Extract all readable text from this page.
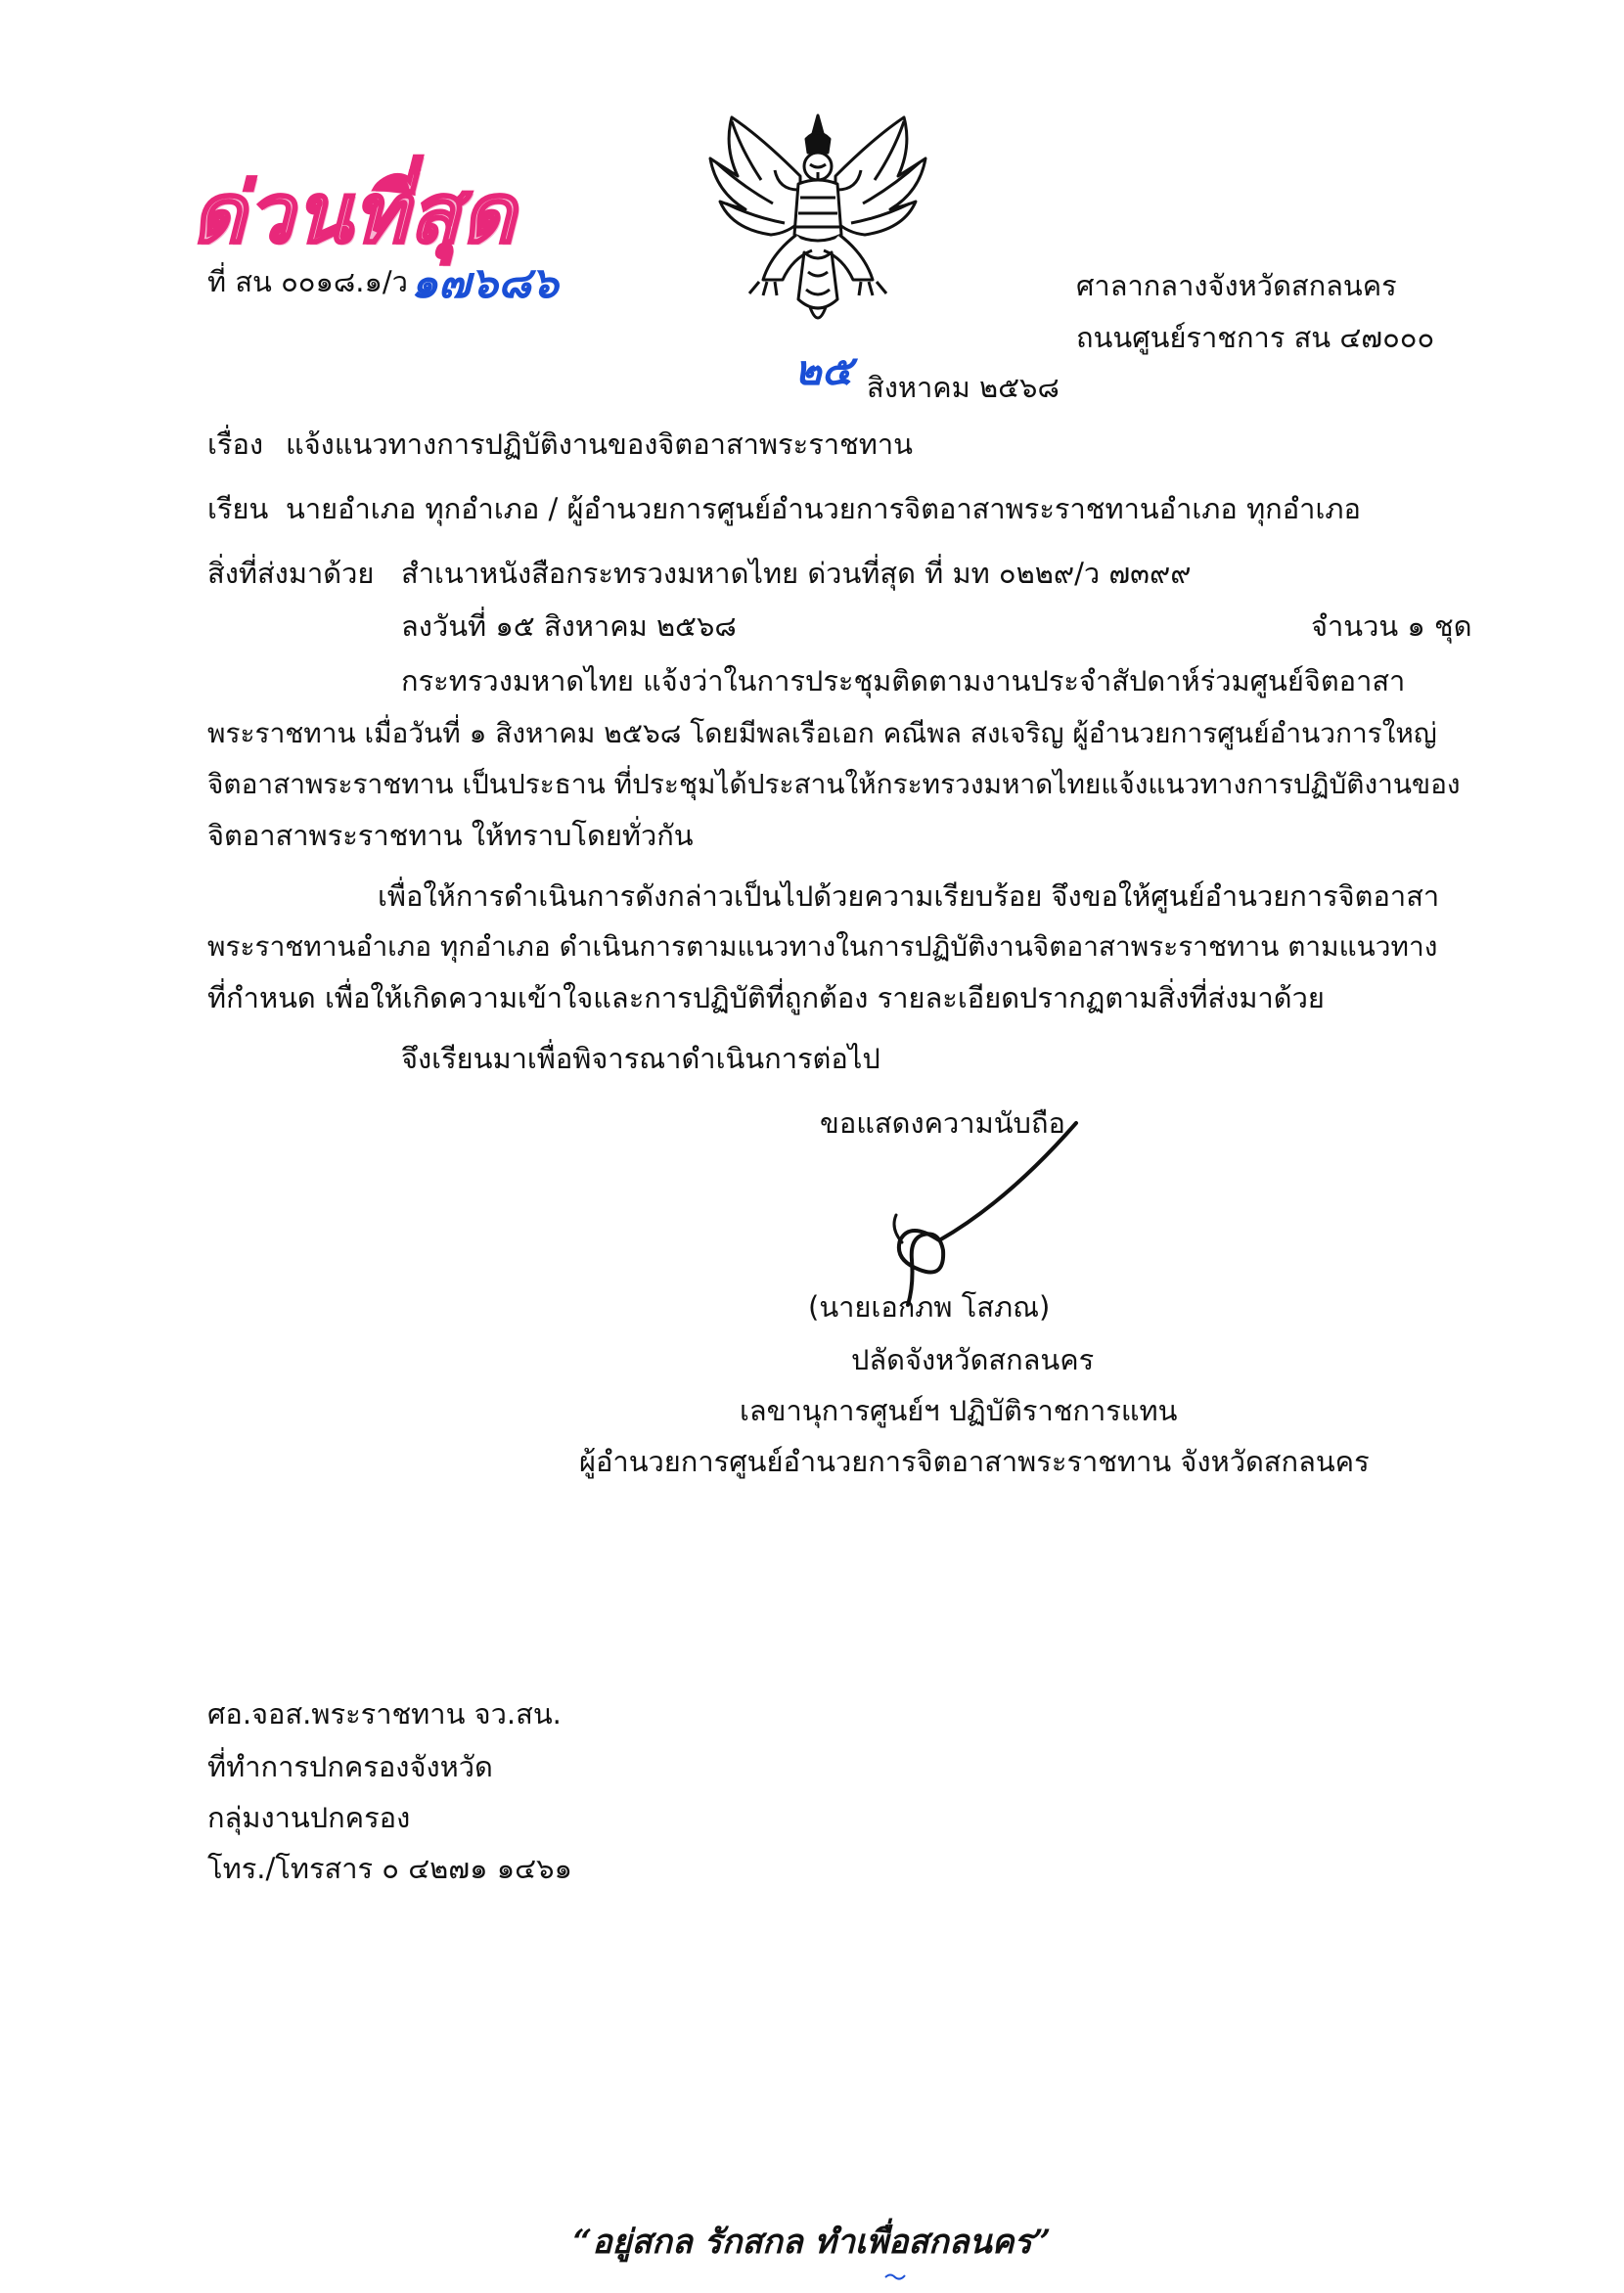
ด่วนที่สุด
ที่ สน ๐๐๑๘.๑/ว ๑๗๖๘๖	ศาลากลางจังหวัดสกลนคร
ถนนศูนย์ราชการ สน ๔๗๐๐๐
๒๕ สิงหาคม ๒๕๖๘
เรื่อง แจ้งแนวทางการปฏิบัติงานของจิตอาสาพระราชทาน
เรียน นายอำเภอ ทุกอำเภอ / ผู้อำนวยการศูนย์อำนวยการจิตอาสาพระราชทานอำเภอ ทุกอำเภอ
สิ่งที่ส่งมาด้วย สำเนาหนังสือกระทรวงมหาดไทย ด่วนที่สุด ที่ มท ๐๒๒๙/ว ๗๓๙๙
ลงวันที่ ๑๕ สิงหาคม ๒๕๖๘	จำนวน ๑ ชุด
กระทรวงมหาดไทย แจ้งว่าในการประชุมติดตามงานประจำสัปดาห์ร่วมศูนย์จิตอาสา
พระราชทาน เมื่อวันที่ ๑ สิงหาคม ๒๕๖๘ โดยมีพลเรือเอก คณีพล สงเจริญ ผู้อำนวยการศูนย์อำนวการใหญ่
จิตอาสาพระราชทาน เป็นประธาน ที่ประชุมได้ประสานให้กระทรวงมหาดไทยแจ้งแนวทางการปฏิบัติงานของ
จิตอาสาพระราชทาน ให้ทราบโดยทั่วกัน
เพื่อให้การดำเนินการดังกล่าวเป็นไปด้วยความเรียบร้อย จึงขอให้ศูนย์อำนวยการจิตอาสา
พระราชทานอำเภอ ทุกอำเภอ ดำเนินการตามแนวทางในการปฏิบัติงานจิตอาสาพระราชทาน ตามแนวทาง
ที่กำหนด เพื่อให้เกิดความเข้าใจและการปฏิบัติที่ถูกต้อง รายละเอียดปรากฏตามสิ่งที่ส่งมาด้วย
จึงเรียนมาเพื่อพิจารณาดำเนินการต่อไป
ขอแสดงความนับถือ
(นายเอกภพ โสภณ)
ปลัดจังหวัดสกลนคร
เลขานุการศูนย์ฯ ปฏิบัติราชการแทน
ผู้อำนวยการศูนย์อำนวยการจิตอาสาพระราชทาน จังหวัดสกลนคร
ศอ.จอส.พระราชทาน จว.สน.
ที่ทำการปกครองจังหวัด
กลุ่มงานปกครอง
โทร./โทรสาร ๐ ๔๒๗๑ ๑๔๖๑
“อยู่สกล รักสกล ทำเพื่อสกลนคร”
